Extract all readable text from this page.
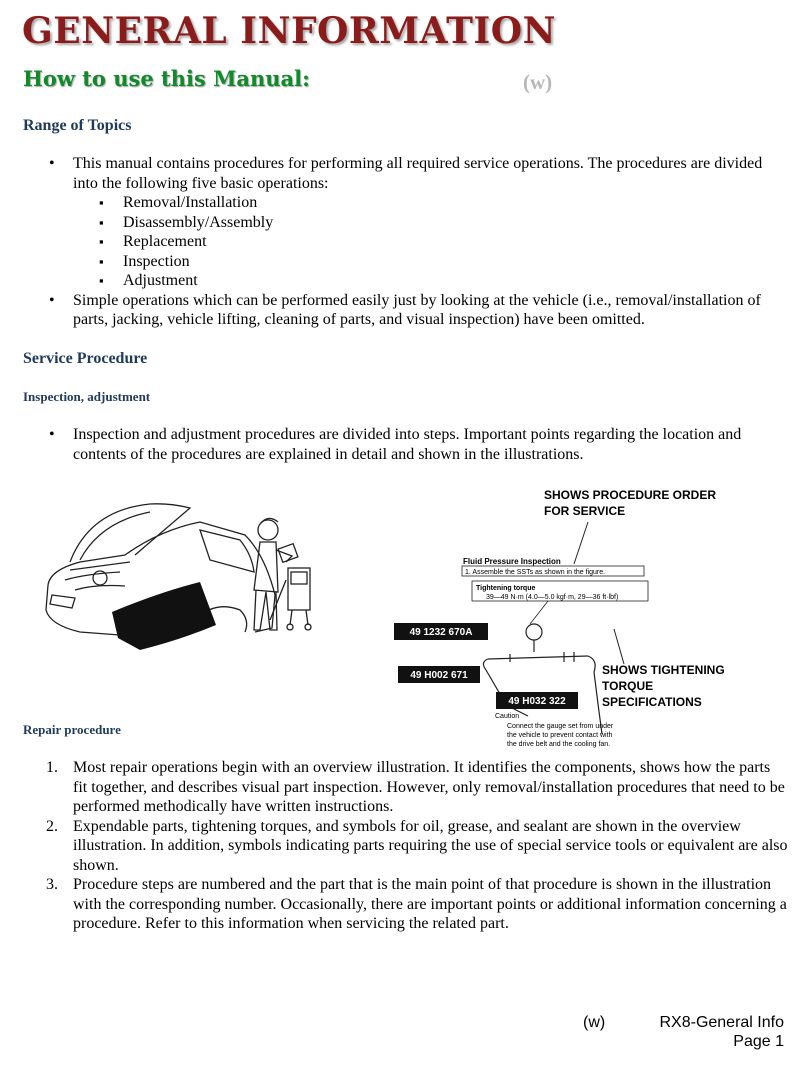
GENERAL INFORMATION
How to use this Manual:	(w)
Range of Topics
• This manual contains procedures for performing all required service operations. The procedures are divided into the following five basic operations:
▪ Removal/Installation
▪ Disassembly/Assembly
▪ Replacement
▪ Inspection
▪ Adjustment
• Simple operations which can be performed easily just by looking at the vehicle (i.e., removal/installation of parts, jacking, vehicle lifting, cleaning of parts, and visual inspection) have been omitted.
Service Procedure
Inspection, adjustment
• Inspection and adjustment procedures are divided into steps. Important points regarding the location and contents of the procedures are explained in detail and shown in the illustrations.
SHOWS PROCEDURE ORDER
FOR SERVICE
Fluid Pressure Inspection
1. Assemble the SSTs as shown in the figure.
Tightening torque
39—49 N·m (4.0—5.0 kgf·m, 29—36 ft·lbf)
49 1232 670A
49 H002 671
49 H032 322
SHOWS TIGHTENING
TORQUE
SPECIFICATIONS
Caution
Connect the gauge set from under
the vehicle to prevent contact with
the drive belt and the cooling fan.
Repair procedure
1. Most repair operations begin with an overview illustration. It identifies the components, shows how the parts fit together, and describes visual part inspection. However, only removal/installation procedures that need to be performed methodically have written instructions.
2. Expendable parts, tightening torques, and symbols for oil, grease, and sealant are shown in the overview illustration. In addition, symbols indicating parts requiring the use of special service tools or equivalent are also shown.
3. Procedure steps are numbered and the part that is the main point of that procedure is shown in the illustration with the corresponding number. Occasionally, there are important points or additional information concerning a procedure. Refer to this information when servicing the related part.
(w)	RX8-General Info
Page 1
